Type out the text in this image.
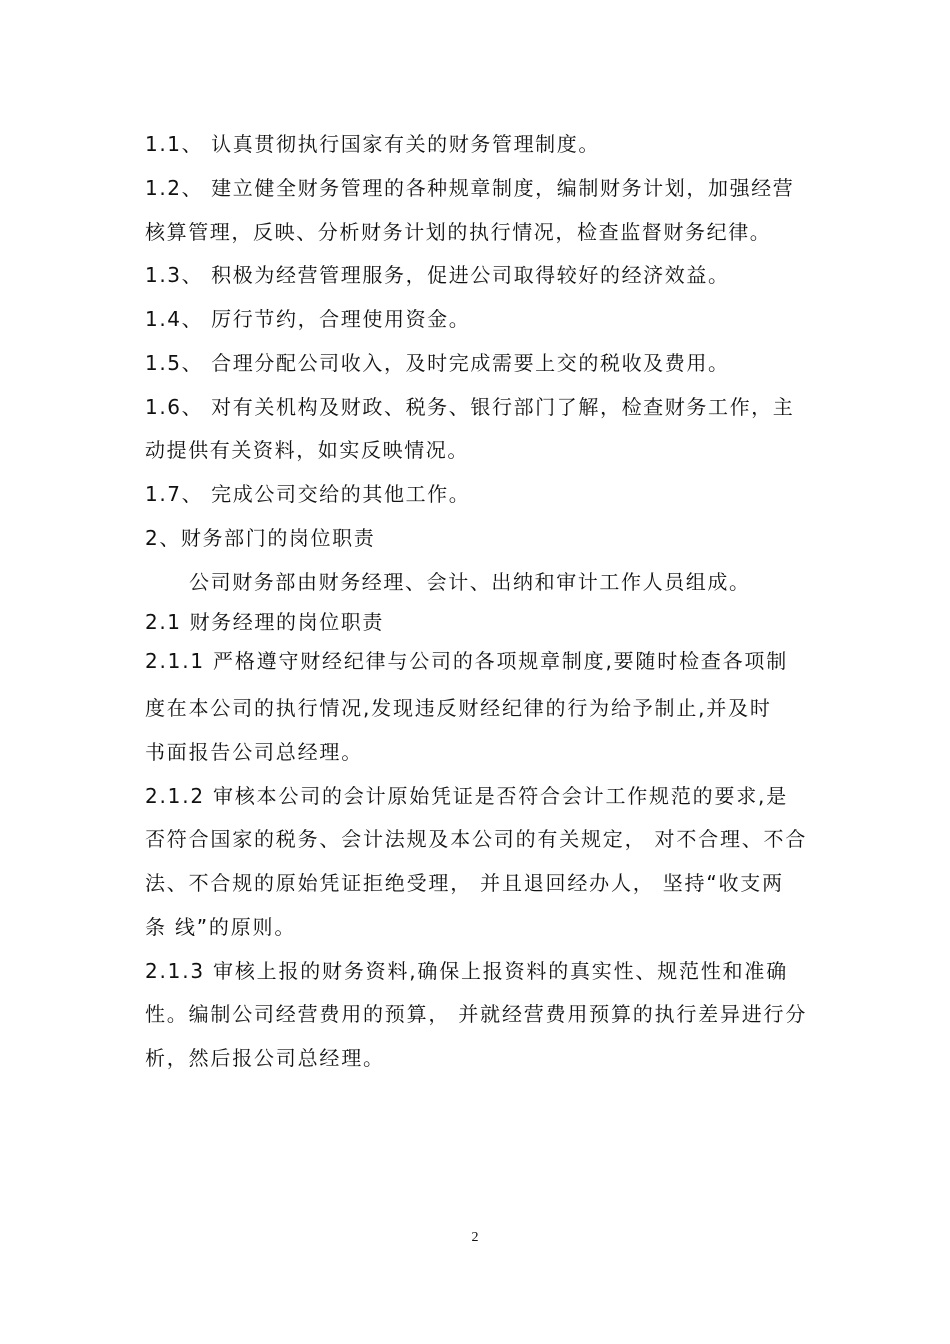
1.1、 认真贯彻执行国家有关的财务管理制度。
1.2、 建立健全财务管理的各种规章制度，编制财务计划，加强经营
核算管理，反映、分析财务计划的执行情况，检查监督财务纪律。
1.3、 积极为经营管理服务，促进公司取得较好的经济效益。
1.4、 厉行节约，合理使用资金。
1.5、 合理分配公司收入，及时完成需要上交的税收及费用。
1.6、 对有关机构及财政、税务、银行部门了解，检查财务工作，主
动提供有关资料，如实反映情况。
1.7、 完成公司交给的其他工作。
2、财务部门的岗位职责
公司财务部由财务经理、会计、出纳和审计工作人员组成。
2.1 财务经理的岗位职责
2.1.1 严格遵守财经纪律与公司的各项规章制度,要随时检查各项制
度在本公司的执行情况,发现违反财经纪律的行为给予制止,并及时
书面报告公司总经理。
2.1.2 审核本公司的会计原始凭证是否符合会计工作规范的要求,是
否符合国家的税务、会计法规及本公司的有关规定， 对不合理、不合
法、不合规的原始凭证拒绝受理， 并且退回经办人， 坚持“收支两
条 线”的原则。
2.1.3 审核上报的财务资料,确保上报资料的真实性、规范性和准确
性。编制公司经营费用的预算， 并就经营费用预算的执行差异进行分
析，然后报公司总经理。
2
